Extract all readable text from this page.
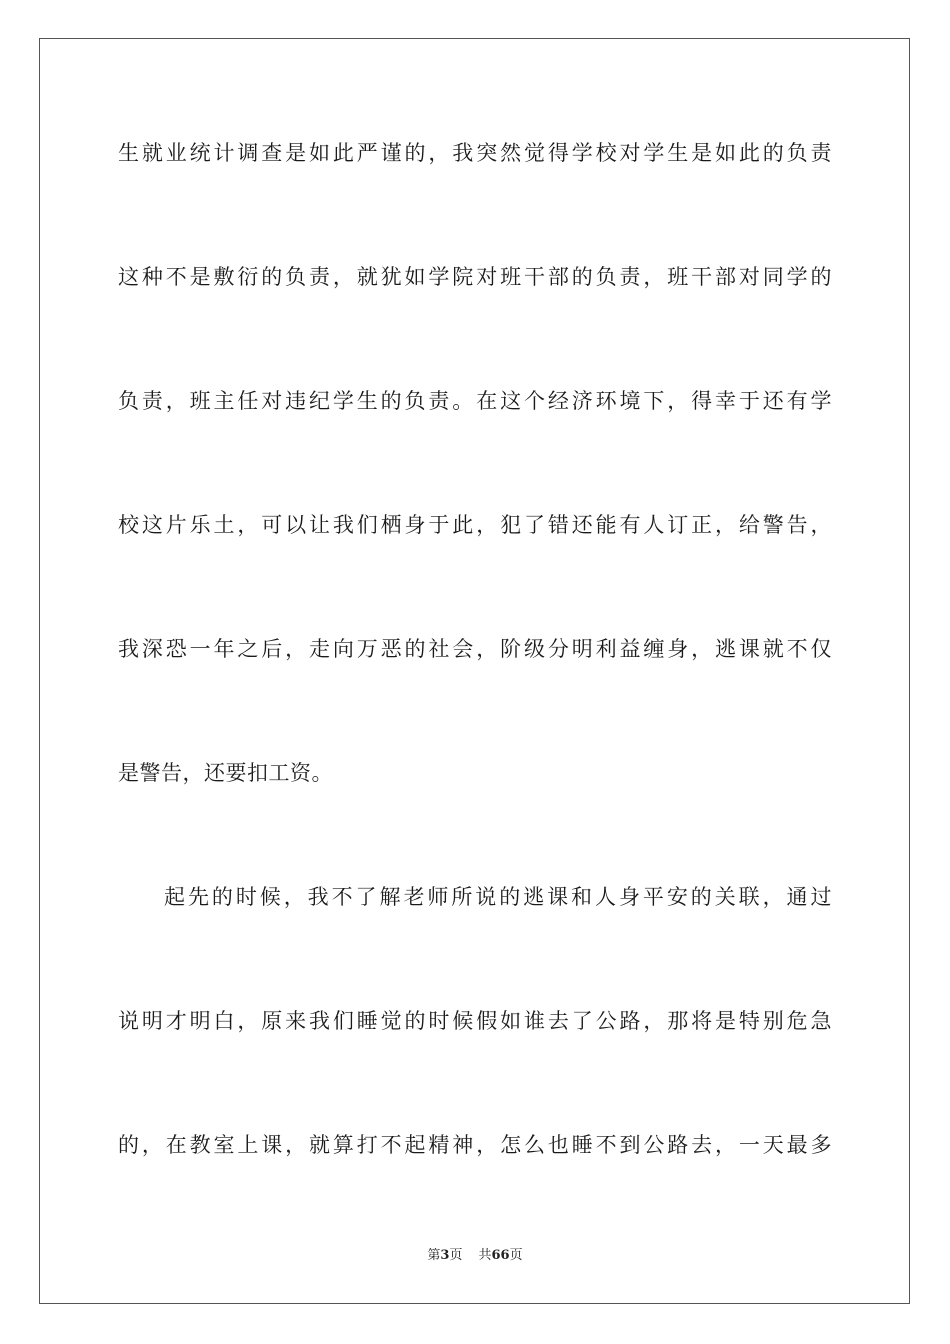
生就业统计调查是如此严谨的，我突然觉得学校对学生是如此的负责
这种不是敷衍的负责，就犹如学院对班干部的负责，班干部对同学的
负责，班主任对违纪学生的负责。在这个经济环境下，得幸于还有学
校这片乐土，可以让我们栖身于此，犯了错还能有人订正，给警告，
我深恐一年之后，走向万恶的社会，阶级分明利益缠身，逃课就不仅
是警告，还要扣工资。
起先的时候，我不了解老师所说的逃课和人身平安的关联，通过
说明才明白，原来我们睡觉的时候假如谁去了公路，那将是特别危急
的，在教室上课，就算打不起精神，怎么也睡不到公路去，一天最多
第3页 共66页
